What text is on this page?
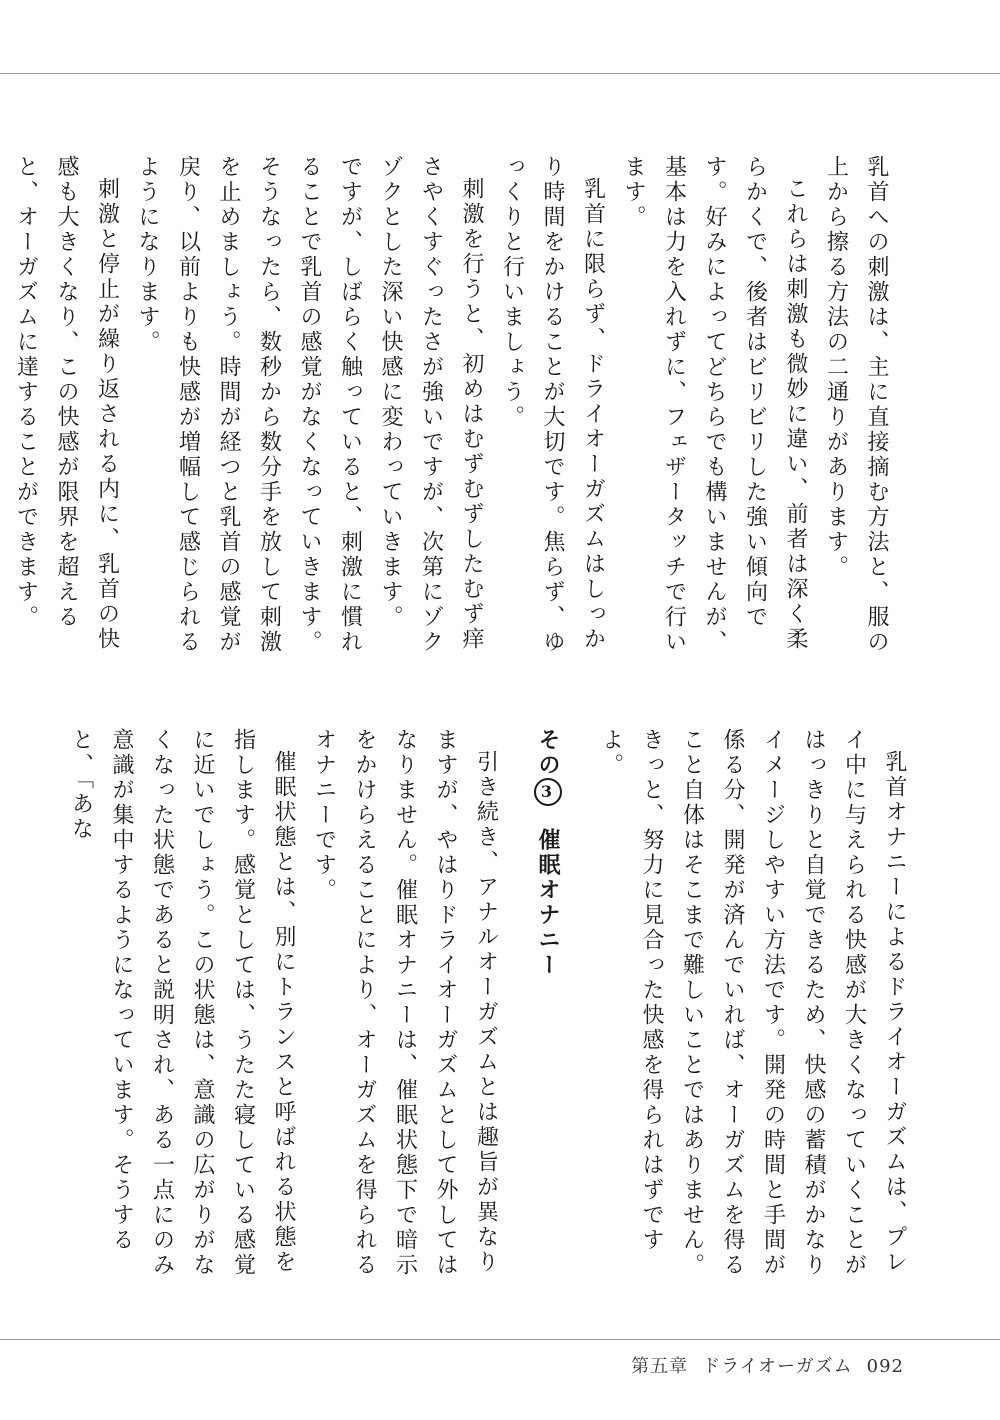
乳首への刺激は、主に直接摘む方法と、服の上から擦る方法の二通りがあります。

これらは刺激も微妙に違い、前者は深く柔らかくで、後者はビリビリした強い傾向です。好みによってどちらでも構いませんが、基本は力を入れずに、フェザータッチで行います。

乳首に限らず、ドライオーガズムはしっかり時間をかけることが大切です。焦らず、ゆっくりと行いましょう。

刺激を行うと、初めはむずむずしたむず痒さやくすぐったさが強いですが、次第にゾクゾクとした深い快感に変わっていきます。

ですが、しばらく触っていると、刺激に慣れることで乳首の感覚がなくなっていきます。そうなったら、数秒から数分手を放して刺激を止めましょう。時間が経つと乳首の感覚が戻り、以前よりも快感が増幅して感じられるようになります。

刺激と停止が繰り返される内に、乳首の快感も大きくなり、この快感が限界を超えると、オーガズムに達することができます。

乳首オナニーによるドライオーガズムは、プレイ中に与えられる快感が大きくなっていくことがはっきりと自覚できるため、快感の蓄積がかなりイメージしやすい方法です。開発の時間と手間が係る分、開発が済んでいれば、オーガズムを得ること自体はそこまで難しいことではありません。きっと、努力に見合った快感を得られはずですよ。

その3催眠オナニー

引き続き、アナルオーガズムとは趣旨が異なりますが、やはりドライオーガズムとして外してはなりません。催眠オナニーは、催眠状態下で暗示をかけらえることにより、オーガズムを得られるオナニーです。

催眠状態とは、別にトランスと呼ばれる状態を指します。感覚としては、うたた寝している感覚に近いでしょう。この状態は、意識の広がりがなくなった状態であると説明され、ある一点にのみ意識が集中するようになっています。そうすると、「あな

第五章 ドライオーガズム 092
